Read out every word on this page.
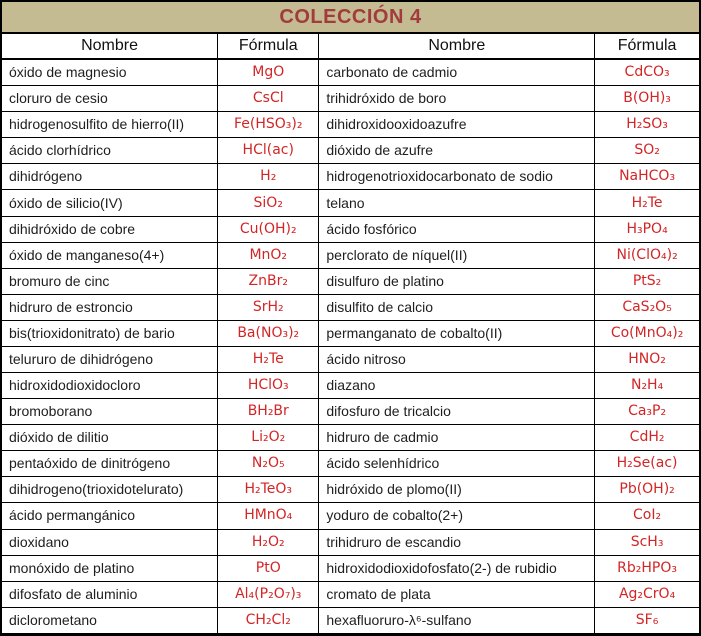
COLECCIÓN 4
Nombre	Fórmula	Nombre	Fórmula
óxido de magnesio	MgO	carbonato de cadmio	CdCO₃
cloruro de cesio	CsCl	trihidróxido de boro	B(OH)₃
hidrogenosulfito de hierro(II)	Fe(HSO₃)₂	dihidroxidooxidoazufre	H₂SO₃
ácido clorhídrico	HCl(ac)	dióxido de azufre	SO₂
dihidrógeno	H₂	hidrogenotrioxidocarbonato de sodio	NaHCO₃
óxido de silicio(IV)	SiO₂	telano	H₂Te
dihidróxido de cobre	Cu(OH)₂	ácido fosfórico	H₃PO₄
óxido de manganeso(4+)	MnO₂	perclorato de níquel(II)	Ni(ClO₄)₂
bromuro de cinc	ZnBr₂	disulfuro de platino	PtS₂
hidruro de estroncio	SrH₂	disulfito de calcio	CaS₂O₅
bis(trioxidonitrato) de bario	Ba(NO₃)₂	permanganato de cobalto(II)	Co(MnO₄)₂
telururo de dihidrógeno	H₂Te	ácido nitroso	HNO₂
hidroxidodioxidocloro	HClO₃	diazano	N₂H₄
bromoborano	BH₂Br	difosfuro de tricalcio	Ca₃P₂
dióxido de dilitio	Li₂O₂	hidruro de cadmio	CdH₂
pentaóxido de dinitrógeno	N₂O₅	ácido selenhídrico	H₂Se(ac)
dihidrogeno(trioxidotelurato)	H₂TeO₃	hidróxido de plomo(II)	Pb(OH)₂
ácido permangánico	HMnO₄	yoduro de cobalto(2+)	CoI₂
dioxidano	H₂O₂	trihidruro de escandio	ScH₃
monóxido de platino	PtO	hidroxidodioxidofosfato(2-) de rubidio	Rb₂HPO₃
difosfato de aluminio	Al₄(P₂O₇)₃	cromato de plata	Ag₂CrO₄
diclorometano	CH₂Cl₂	hexafluoruro-λ⁶-sulfano	SF₆
